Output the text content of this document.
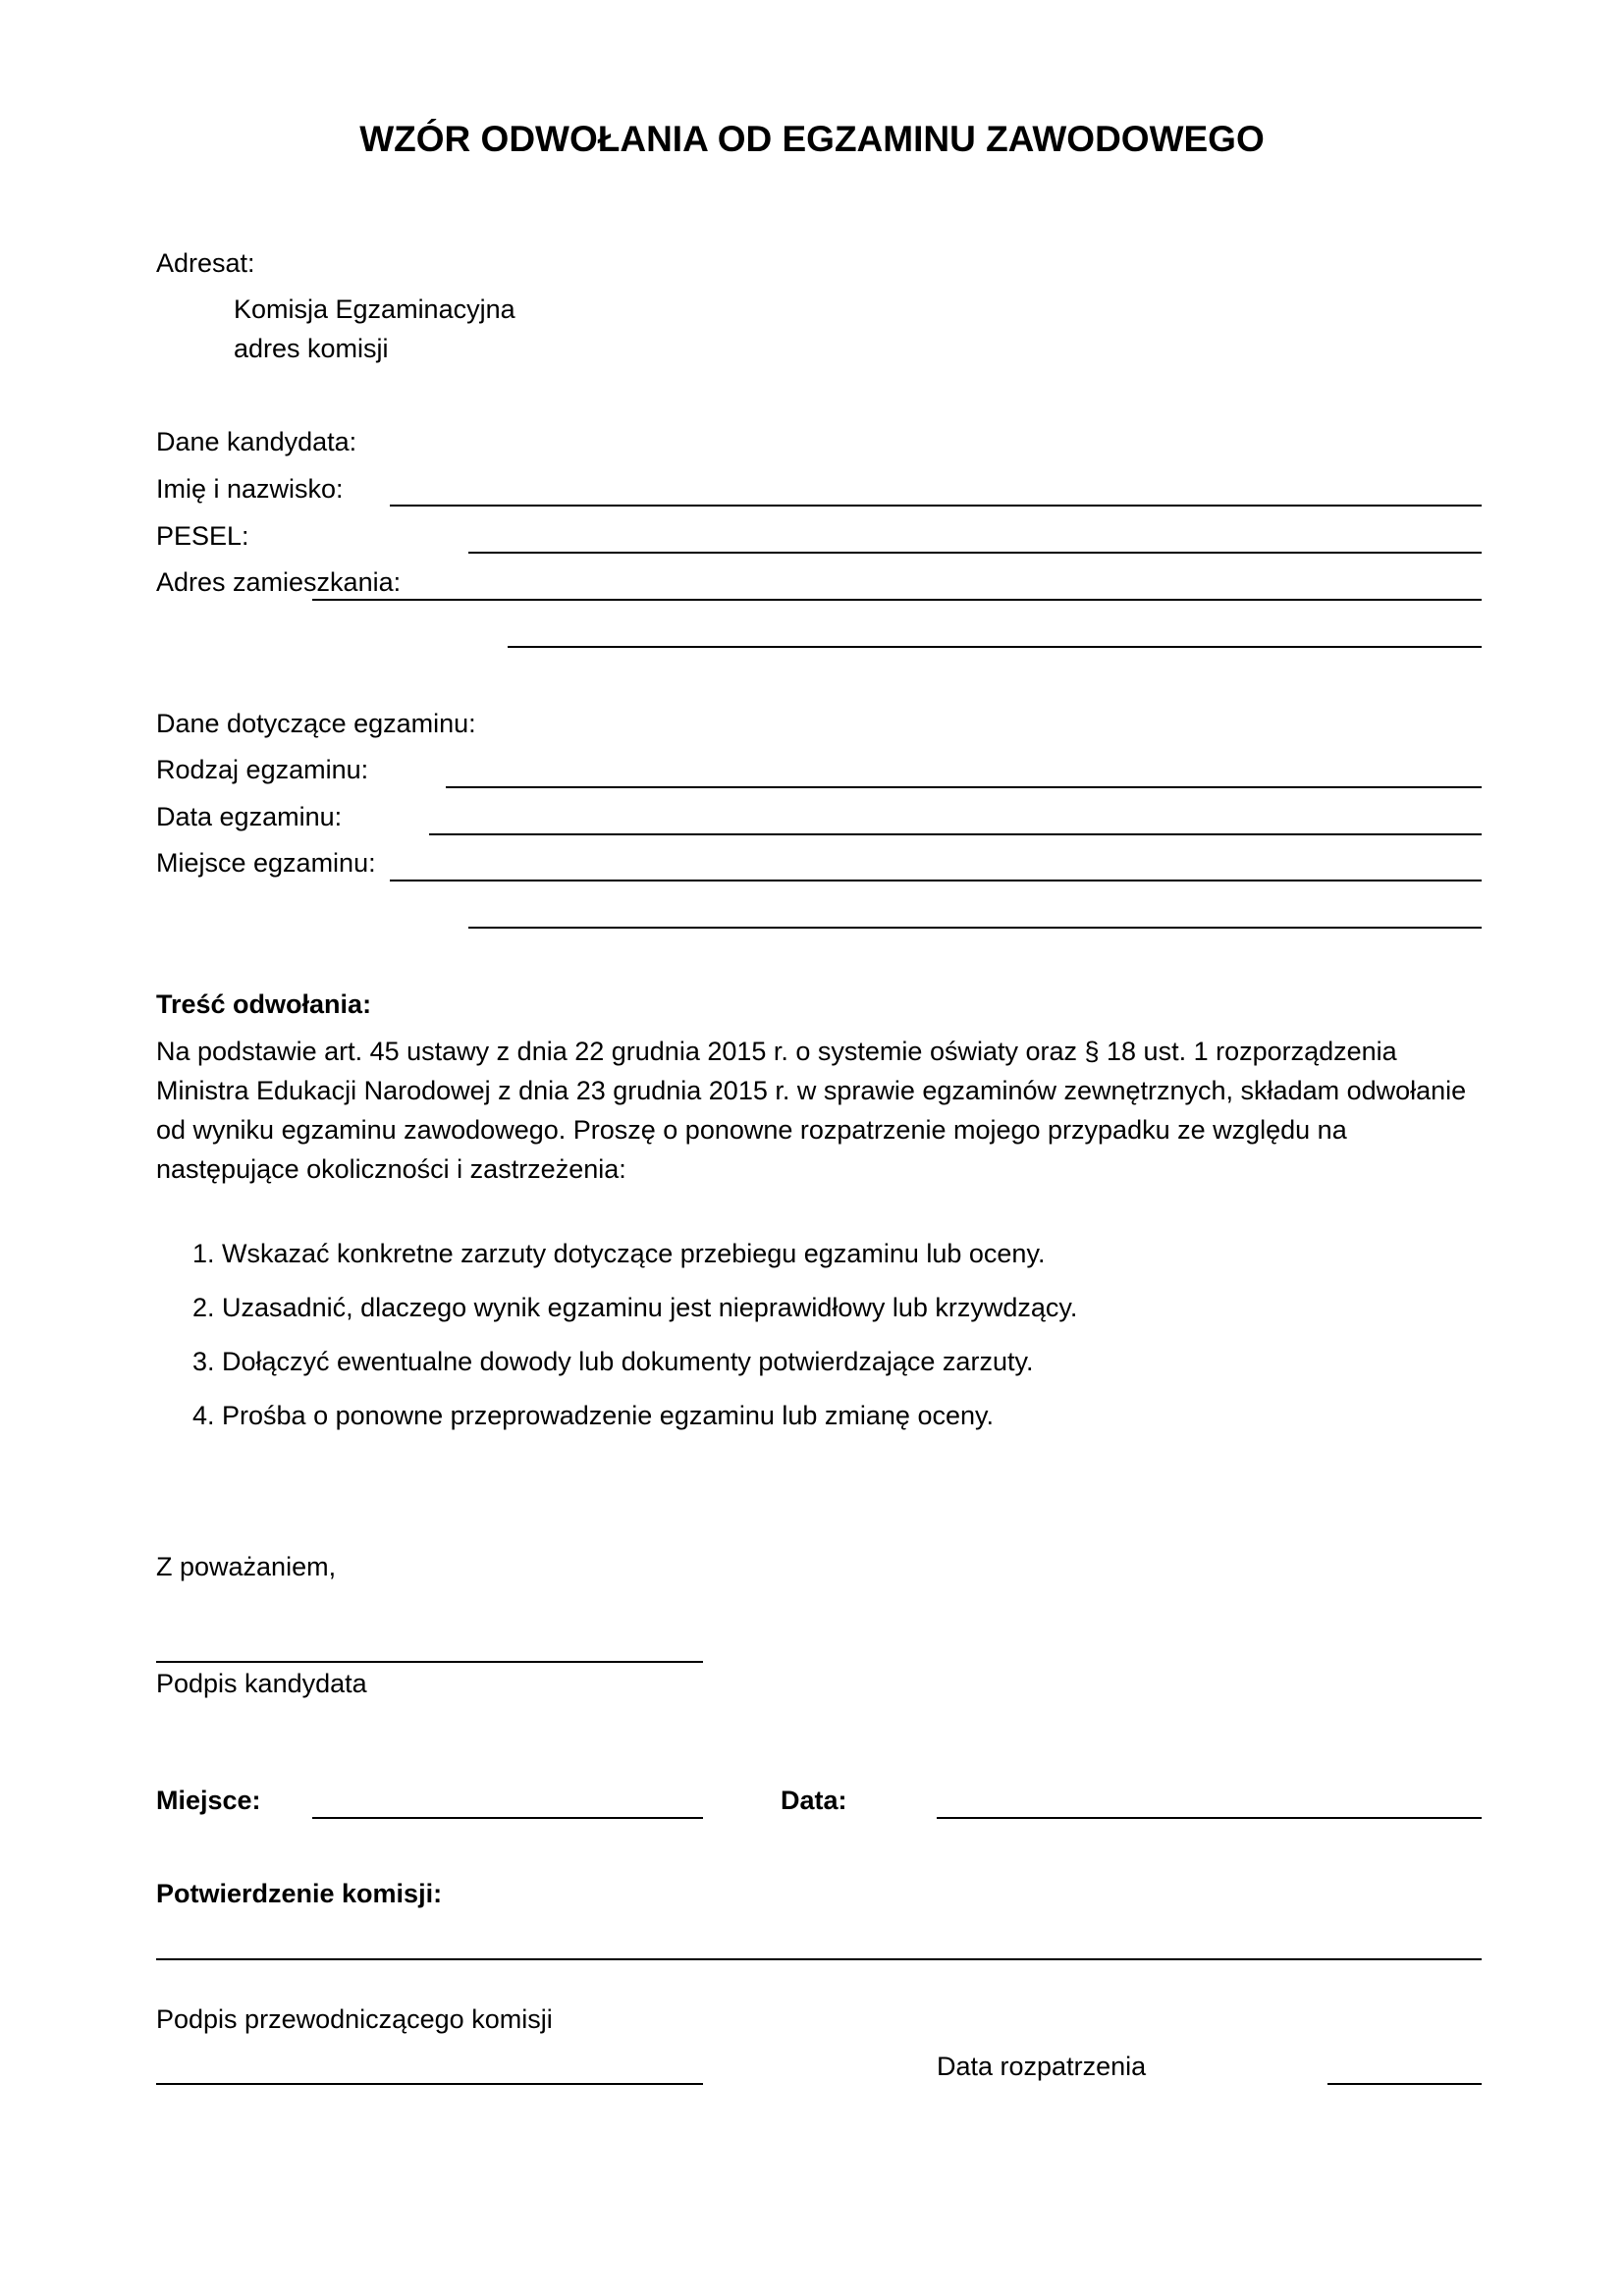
WZÓR ODWOŁANIA OD EGZAMINU ZAWODOWEGO
Adresat:
Komisja Egzaminacyjna
adres komisji
Dane kandydata:
Imię i nazwisko:
PESEL:
Adres zamieszkania:
Dane dotyczące egzaminu:
Rodzaj egzaminu:
Data egzaminu:
Miejsce egzaminu:
Treść odwołania:
Na podstawie art. 45 ustawy z dnia 22 grudnia 2015 r. o systemie oświaty oraz § 18 ust. 1 rozporządzenia Ministra Edukacji Narodowej z dnia 23 grudnia 2015 r. w sprawie egzaminów zewnętrznych, składam odwołanie od wyniku egzaminu zawodowego. Proszę o ponowne rozpatrzenie mojego przypadku ze względu na następujące okoliczności i zastrzeżenia:
1. Wskazać konkretne zarzuty dotyczące przebiegu egzaminu lub oceny.
2. Uzasadnić, dlaczego wynik egzaminu jest nieprawidłowy lub krzywdzący.
3. Dołączyć ewentualne dowody lub dokumenty potwierdzające zarzuty.
4. Prośba o ponowne przeprowadzenie egzaminu lub zmianę oceny.
Z poważaniem,
Podpis kandydata
Miejsce:	Data:
Potwierdzenie komisji:
Podpis przewodniczącego komisji
Data rozpatrzenia
